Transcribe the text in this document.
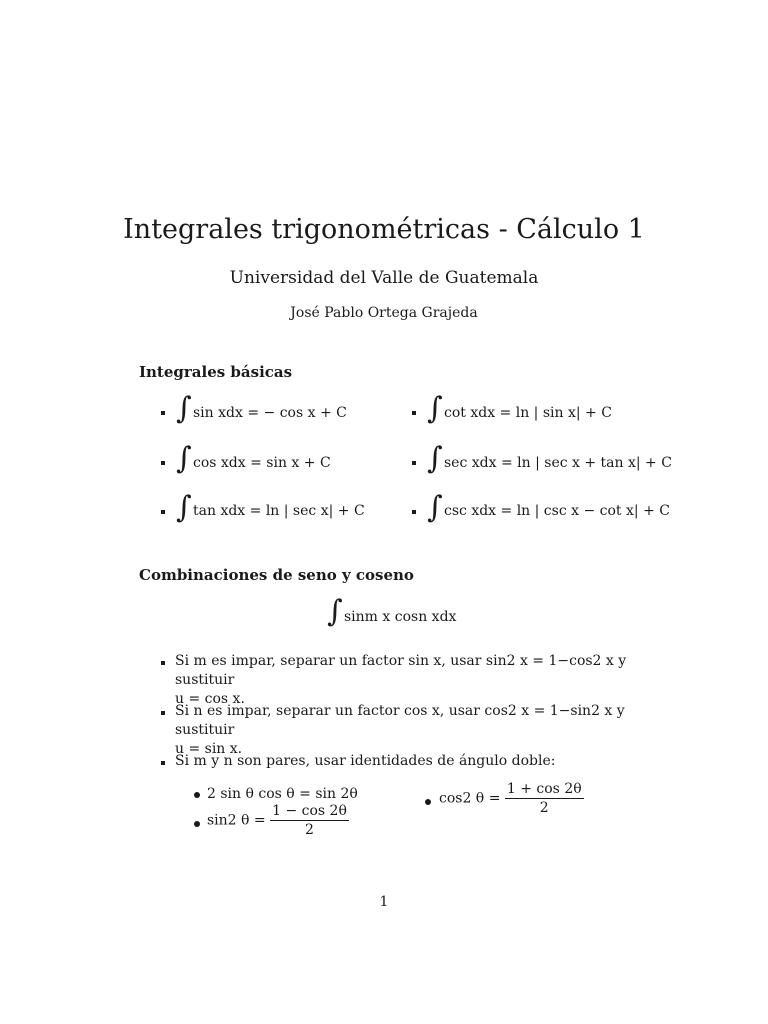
Integrales trigonométricas - Cálculo 1
Universidad del Valle de Guatemala
José Pablo Ortega Grajeda
Integrales básicas
∫ sin xdx = − cos x + C
∫ cos xdx = sin x + C
∫ tan xdx = ln | sec x| + C
∫ cot xdx = ln | sin x| + C
∫ sec xdx = ln | sec x + tan x| + C
∫ csc xdx = ln | csc x − cot x| + C
Combinaciones de seno y coseno
∫ sinm x cosn xdx
Si m es impar, separar un factor sin x, usar sin2 x = 1−cos2 x y sustituir
u = cos x.
Si n es impar, separar un factor cos x, usar cos2 x = 1−sin2 x y sustituir
u = sin x.
Si m y n son pares, usar identidades de ángulo doble:
2 sin θ cos θ = sin 2θ
sin2 $\theta = \frac{1 - \cos 2\theta}{2}$
cos2 $\theta = \frac{1 + \cos 2\theta}{2}$
1
